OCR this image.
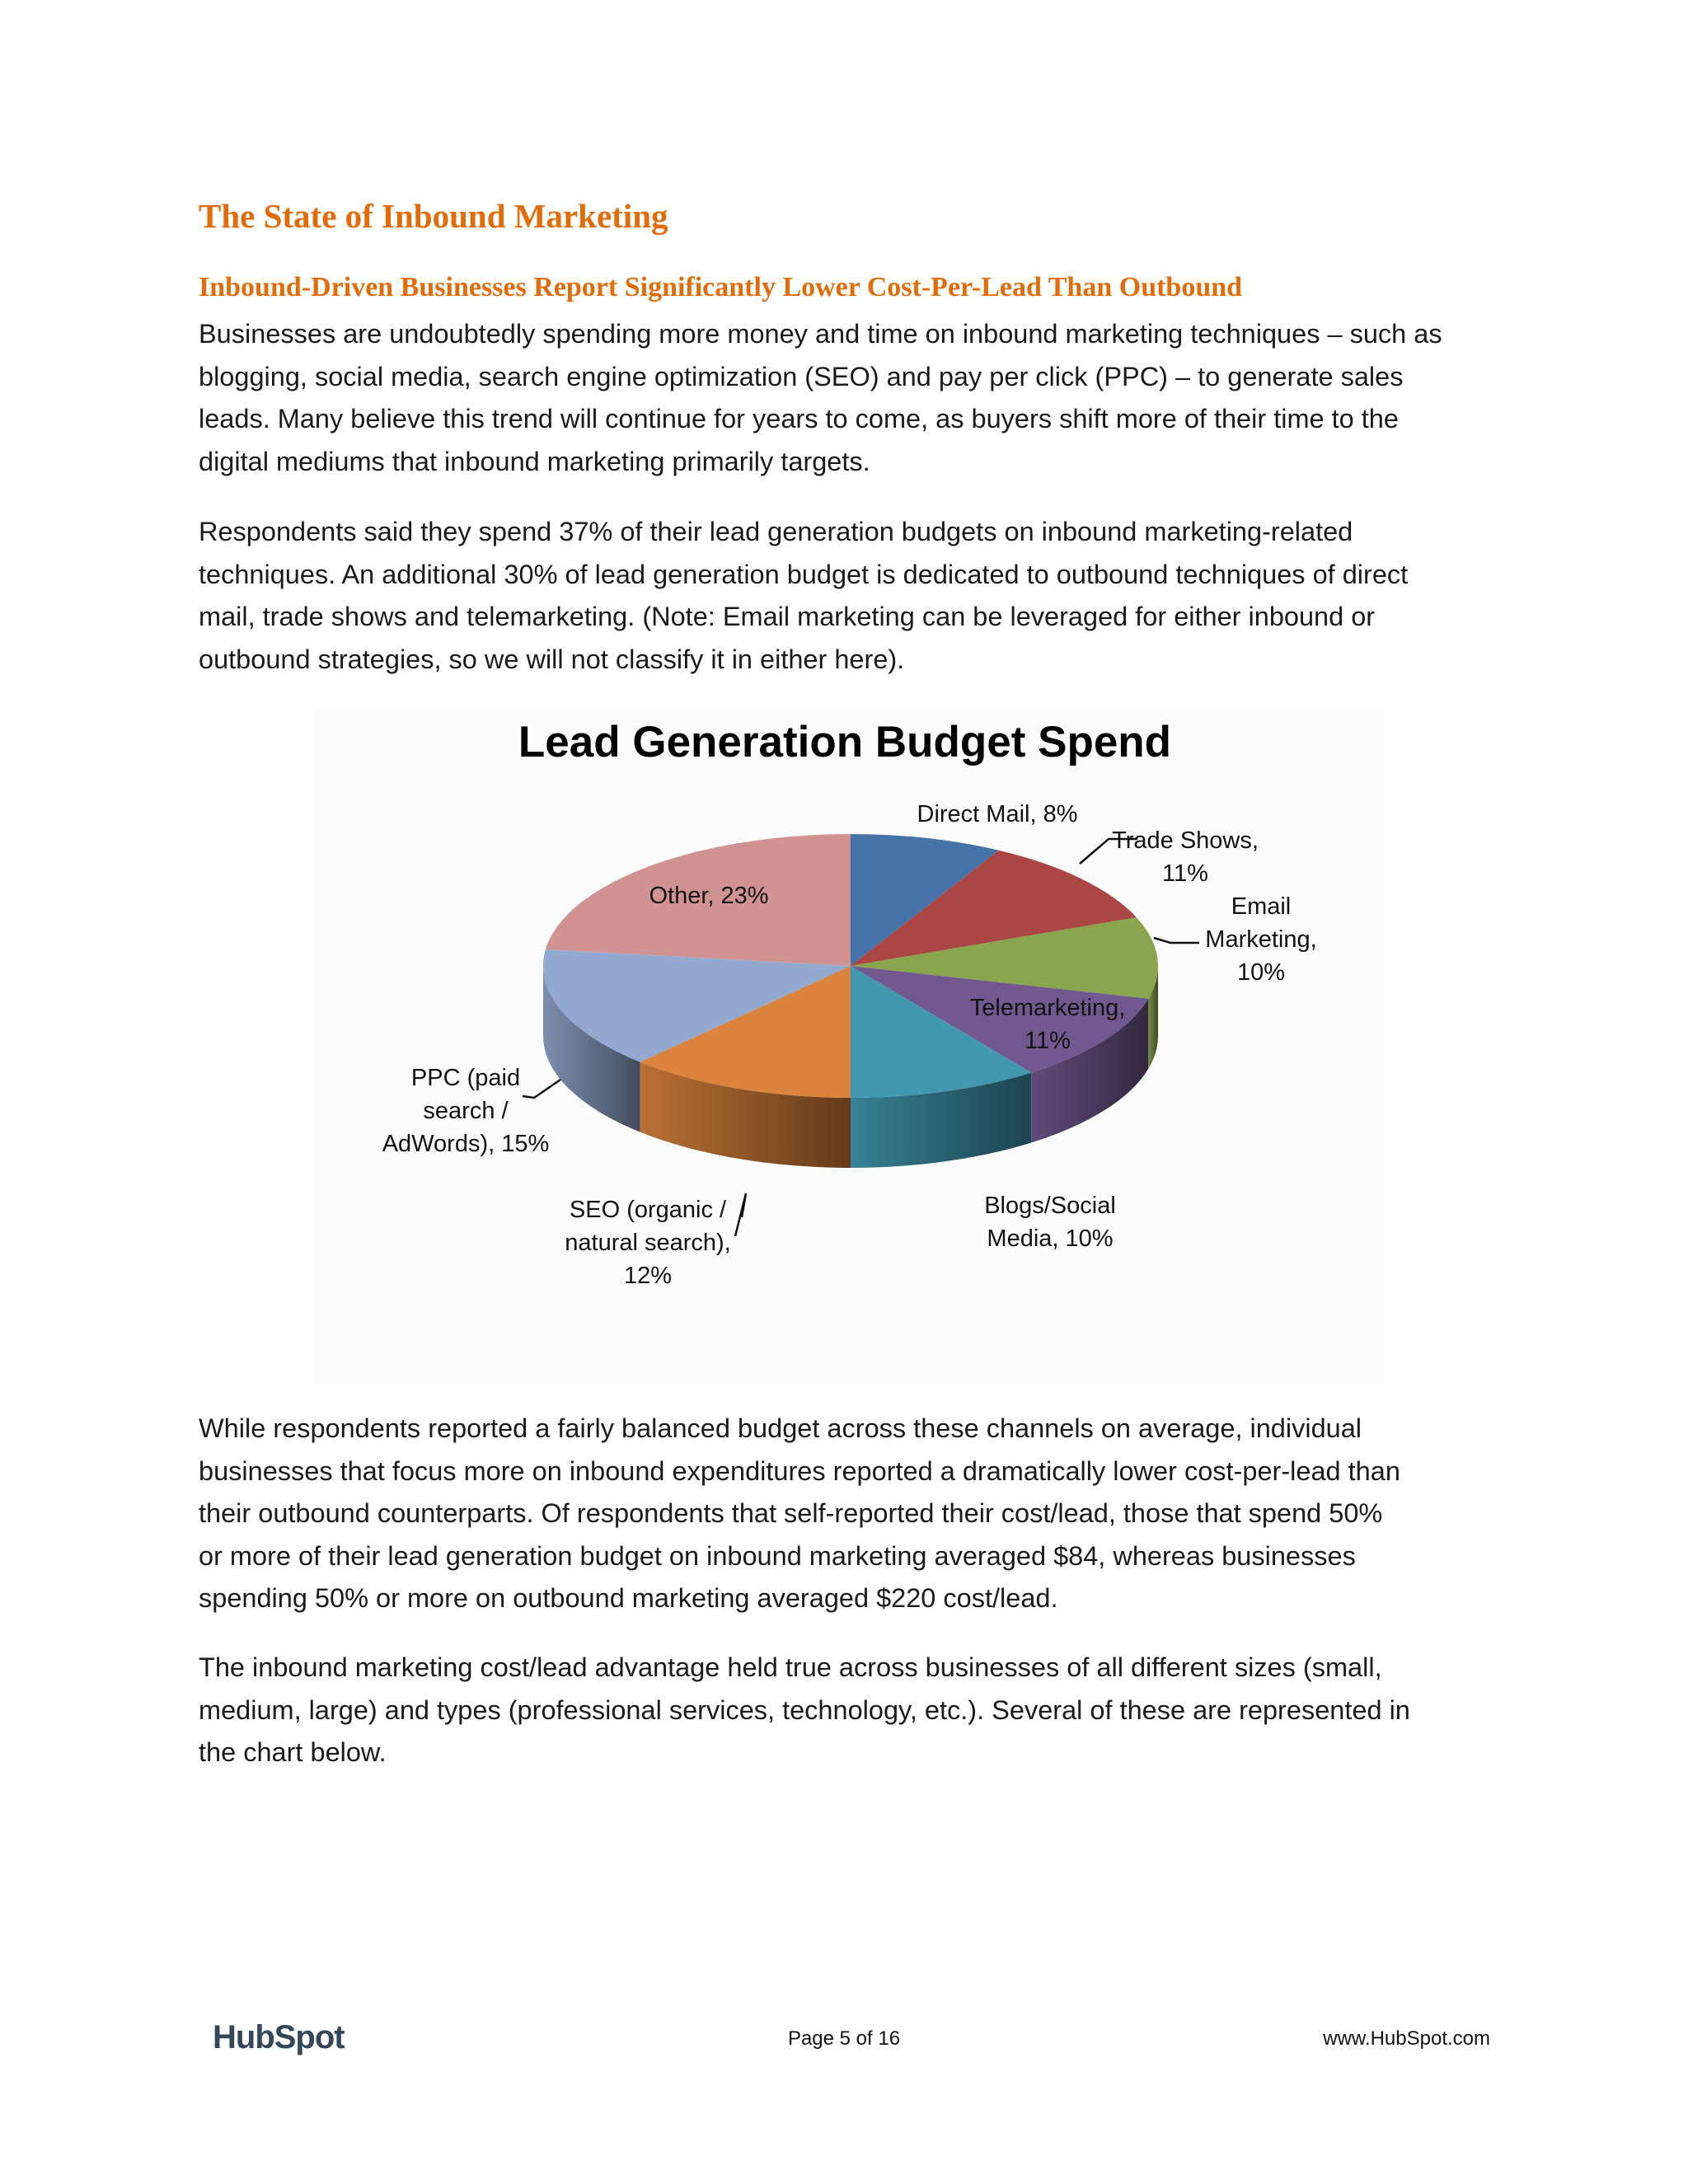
The State of Inbound Marketing
Inbound-Driven Businesses Report Significantly Lower Cost-Per-Lead Than Outbound

Businesses are undoubtedly spending more money and time on inbound marketing techniques – such as
blogging, social media, search engine optimization (SEO) and pay per click (PPC) – to generate sales
leads. Many believe this trend will continue for years to come, as buyers shift more of their time to the
digital mediums that inbound marketing primarily targets.

Respondents said they spend 37% of their lead generation budgets on inbound marketing-related
techniques. An additional 30% of lead generation budget is dedicated to outbound techniques of direct
mail, trade shows and telemarketing. (Note: Email marketing can be leveraged for either inbound or
outbound strategies, so we will not classify it in either here).

Lead Generation Budget Spend
Direct Mail, 8%
Trade Shows, 11%
Email Marketing, 10%
Telemarketing, 11%
Blogs/Social Media, 10%
SEO (organic / natural search), 12%
PPC (paid search / AdWords), 15%
Other, 23%

While respondents reported a fairly balanced budget across these channels on average, individual
businesses that focus more on inbound expenditures reported a dramatically lower cost-per-lead than
their outbound counterparts. Of respondents that self-reported their cost/lead, those that spend 50%
or more of their lead generation budget on inbound marketing averaged $84, whereas businesses
spending 50% or more on outbound marketing averaged $220 cost/lead.

The inbound marketing cost/lead advantage held true across businesses of all different sizes (small,
medium, large) and types (professional services, technology, etc.). Several of these are represented in
the chart below.

HubSpot	Page 5 of 16	www.HubSpot.com
